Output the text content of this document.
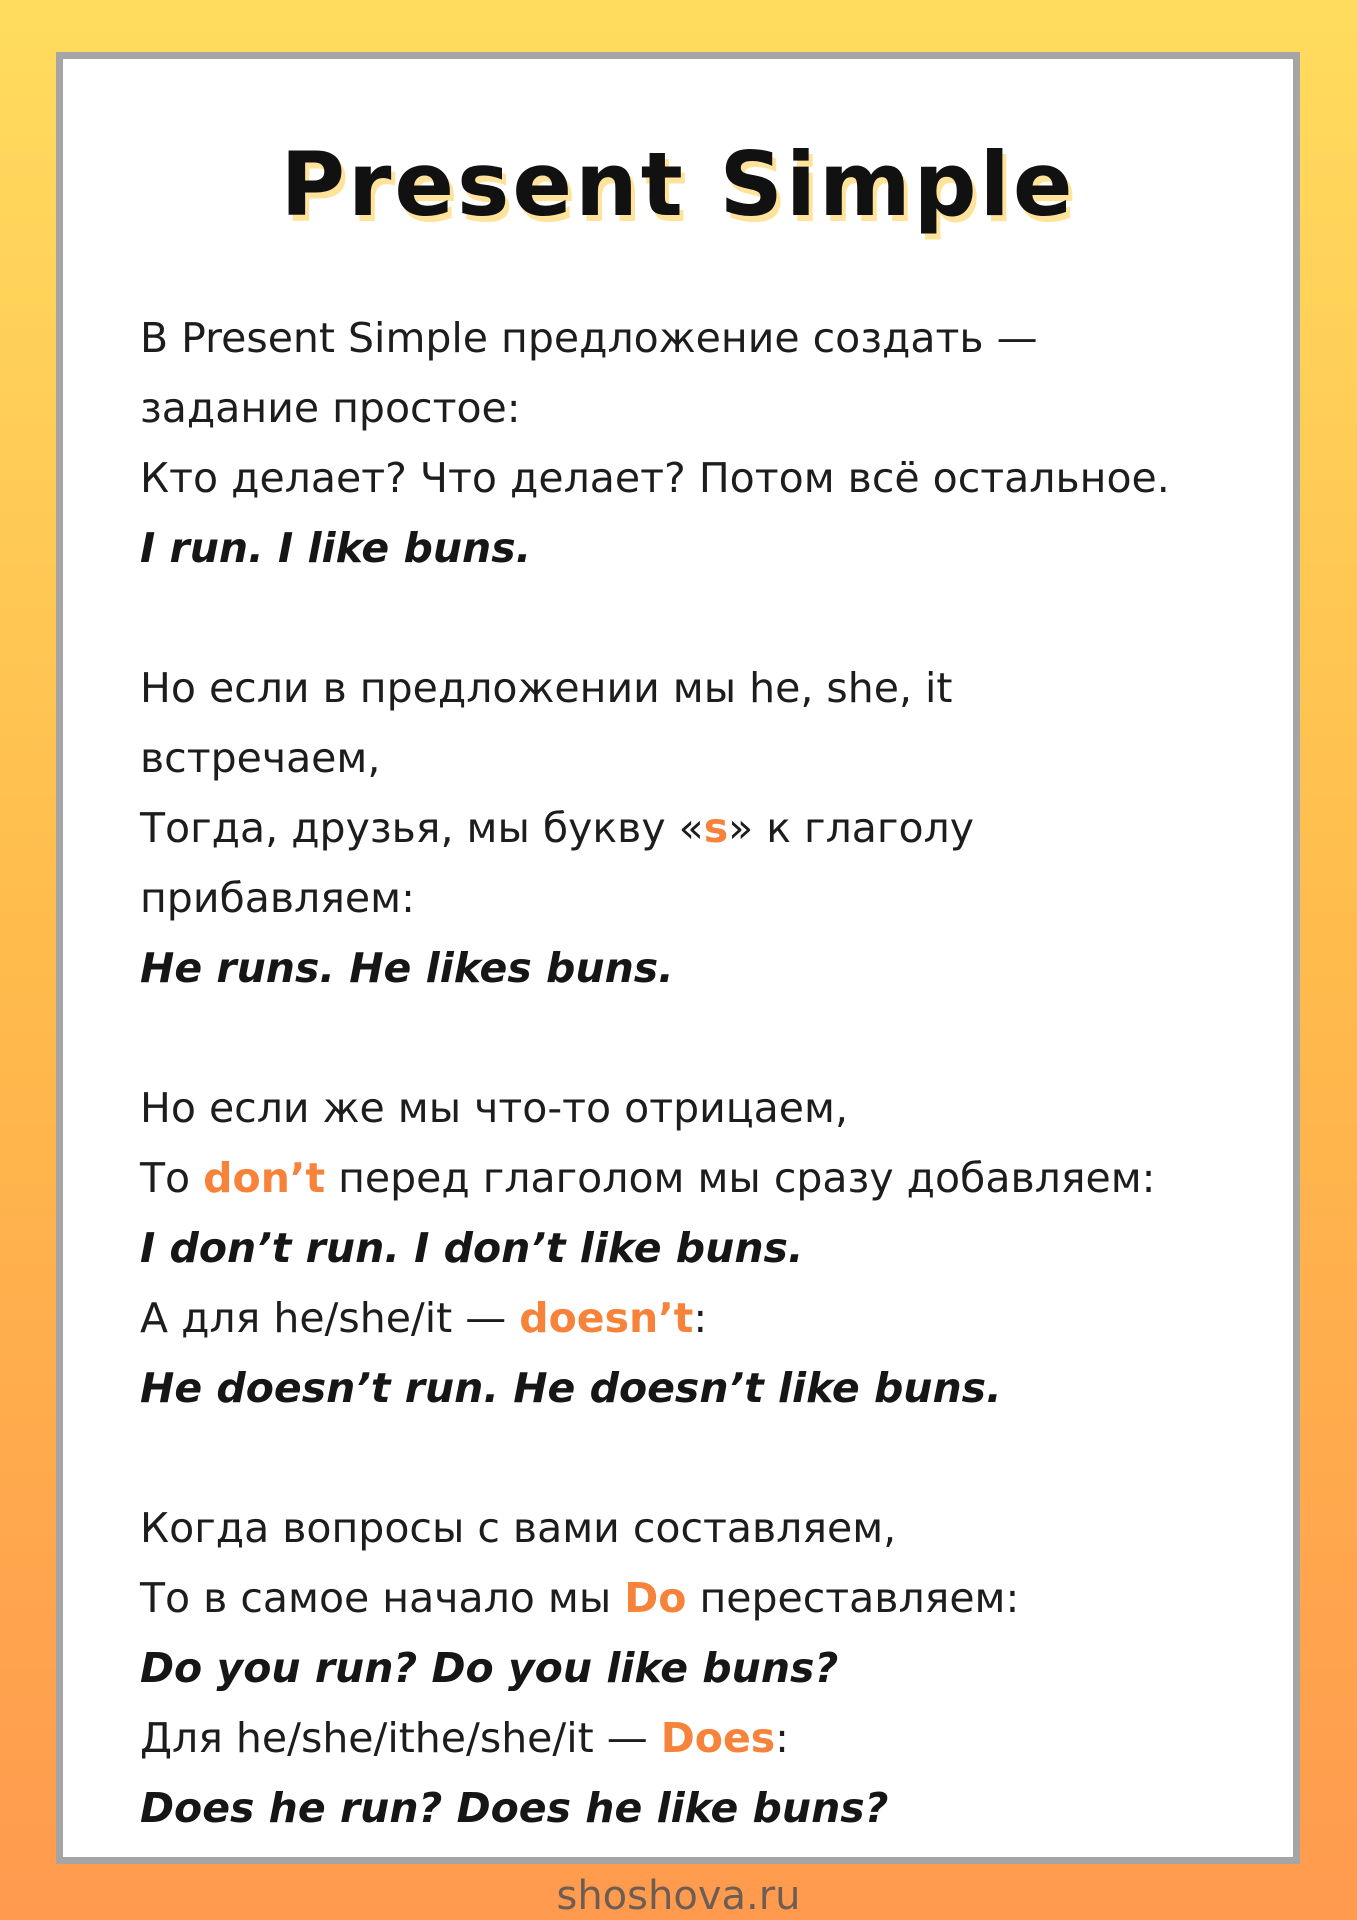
Present Simple
В Present Simple предложение создать —
задание простое:
Кто делает? Что делает? Потом всё остальное.
I run. I like buns.
Но если в предложении мы he, she, it
встречаем,
Тогда, друзья, мы букву «s» к глаголу
прибавляем:
He runs. He likes buns.
Но если же мы что-то отрицаем,
То don’t перед глаголом мы сразу добавляем:
I don’t run. I don’t like buns.
А для he/she/it — doesn’t:
He doesn’t run. He doesn’t like buns.
Когда вопросы с вами составляем,
То в самое начало мы Do переставляем:
Do you run? Do you like buns?
Для he/she/ithe/she/it — Does:
Does he run? Does he like buns?
shoshova.ru
